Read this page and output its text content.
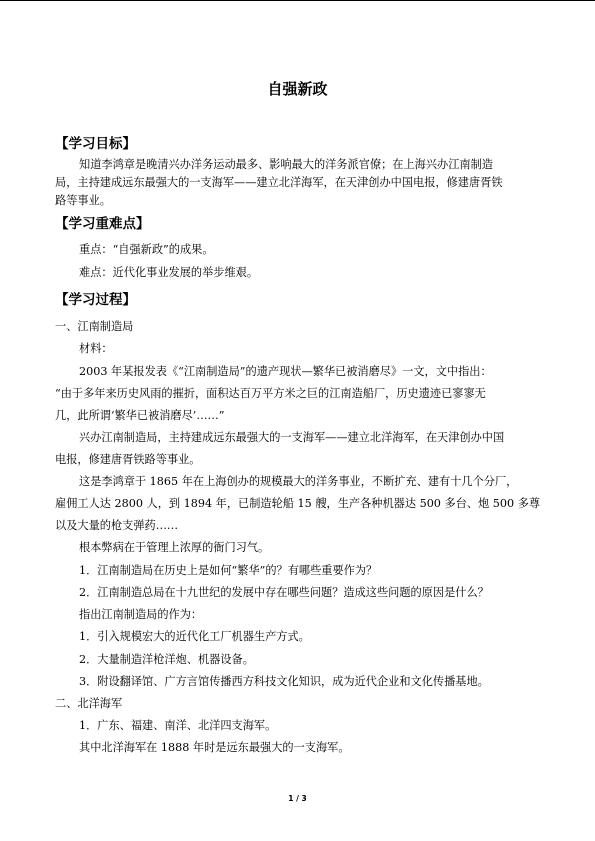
自强新政
【学习目标】
知道李鸿章是晚清兴办洋务运动最多、影响最大的洋务派官僚；在上海兴办江南制造
局，主持建成远东最强大的一支海军——建立北洋海军，在天津创办中国电报，修建唐胥铁
路等事业。
【学习重难点】
重点：“自强新政”的成果。
难点：近代化事业发展的举步维艰。
【学习过程】
一、江南制造局
材料：
2003 年某报发表《“江南制造局”的遗产现状—繁华已被消磨尽》一文，文中指出：
“由于多年来历史风雨的摧折，面积达百万平方米之巨的江南造船厂，历史遗迹已寥寥无
几，此所谓‘繁华已被消磨尽’……”
兴办江南制造局，主持建成远东最强大的一支海军——建立北洋海军，在天津创办中国
电报，修建唐胥铁路等事业。
这是李鸿章于 1865 年在上海创办的规模最大的洋务事业，不断扩充、建有十几个分厂，
雇佣工人达 2800 人，到 1894 年，已制造轮船 15 艘，生产各种机器达 500 多台、炮 500 多尊
以及大量的枪支弹药……
根本弊病在于管理上浓厚的衙门习气。
1．江南制造局在历史上是如何“繁华”的？有哪些重要作为？
2．江南制造总局在十九世纪的发展中存在哪些问题？造成这些问题的原因是什么？
指出江南制造局的作为：
1．引入规模宏大的近代化工厂机器生产方式。
2．大量制造洋枪洋炮、机器设备。
3．附设翻译馆、广方言馆传播西方科技文化知识，成为近代企业和文化传播基地。
二、北洋海军
1．广东、福建、南洋、北洋四支海军。
其中北洋海军在 1888 年时是远东最强大的一支海军。
1 / 3
